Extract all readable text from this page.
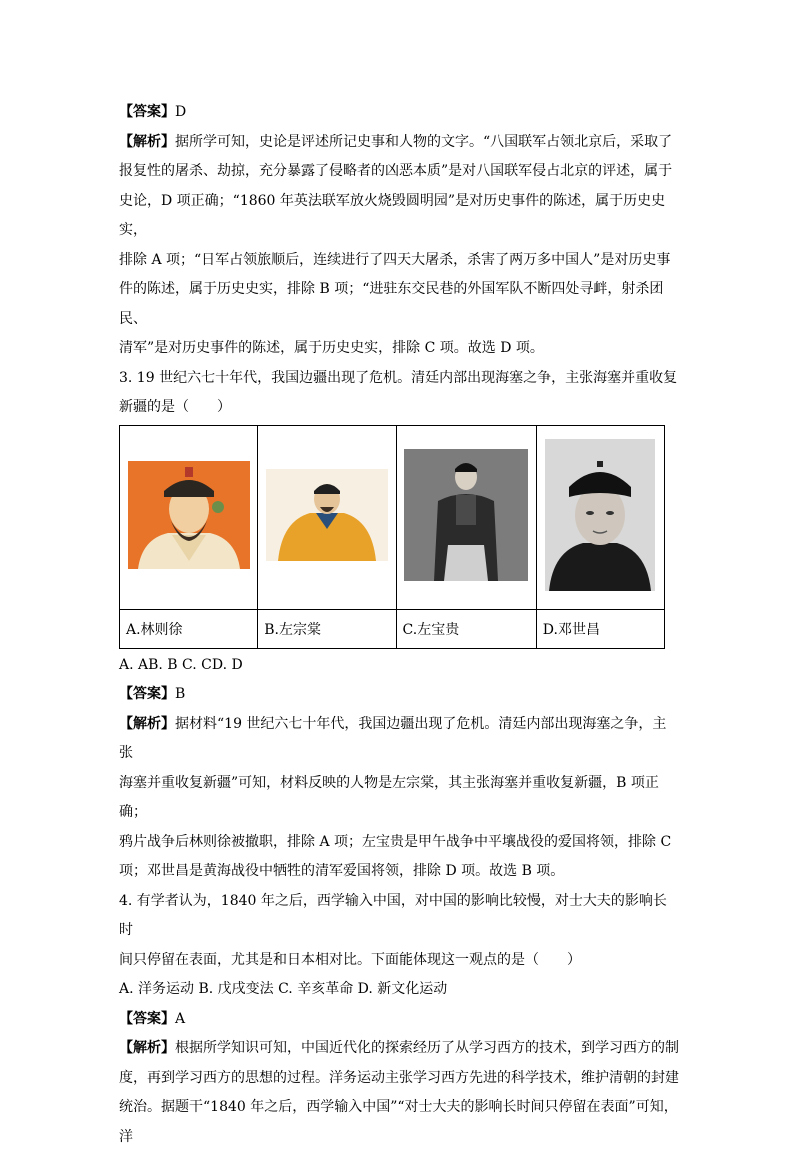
【答案】D

【解析】据所学可知，史论是评述所记史事和人物的文字。“八国联军占领北京后，采取了

报复性的屠杀、劫掠，充分暴露了侵略者的凶恶本质”是对八国联军侵占北京的评述，属于

史论，D 项正确；“1860 年英法联军放火烧毁圆明园”是对历史事件的陈述，属于历史史实，

排除 A 项；“日军占领旅顺后，连续进行了四天大屠杀，杀害了两万多中国人”是对历史事

件的陈述，属于历史史实，排除 B 项；“进驻东交民巷的外国军队不断四处寻衅，射杀团民、

清军”是对历史事件的陈述，属于历史史实，排除 C 项。故选 D 项。

3. 19 世纪六七十年代，我国边疆出现了危机。清廷内部出现海塞之争，主张海塞并重收复

新疆的是（　　）

A.林则徐	B.左宗棠	C.左宝贵	D.邓世昌

A. AB. B C. CD. D

【答案】B

【解析】据材料“19 世纪六七十年代，我国边疆出现了危机。清廷内部出现海塞之争，主张

海塞并重收复新疆”可知，材料反映的人物是左宗棠，其主张海塞并重收复新疆，B 项正确；

鸦片战争后林则徐被撤职，排除 A 项；左宝贵是甲午战争中平壤战役的爱国将领，排除 C

项；邓世昌是黄海战役中牺牲的清军爱国将领，排除 D 项。故选 B 项。

4. 有学者认为，1840 年之后，西学输入中国，对中国的影响比较慢，对士大夫的影响长时

间只停留在表面，尤其是和日本相对比。下面能体现这一观点的是（　　）

A. 洋务运动 B. 戊戌变法 C. 辛亥革命 D. 新文化运动

【答案】A

【解析】根据所学知识可知，中国近代化的探索经历了从学习西方的技术，到学习西方的制

度，再到学习西方的思想的过程。洋务运动主张学习西方先进的科学技术，维护清朝的封建

统治。据题干“1840 年之后，西学输入中国”“对士大夫的影响长时间只停留在表面”可知，洋
